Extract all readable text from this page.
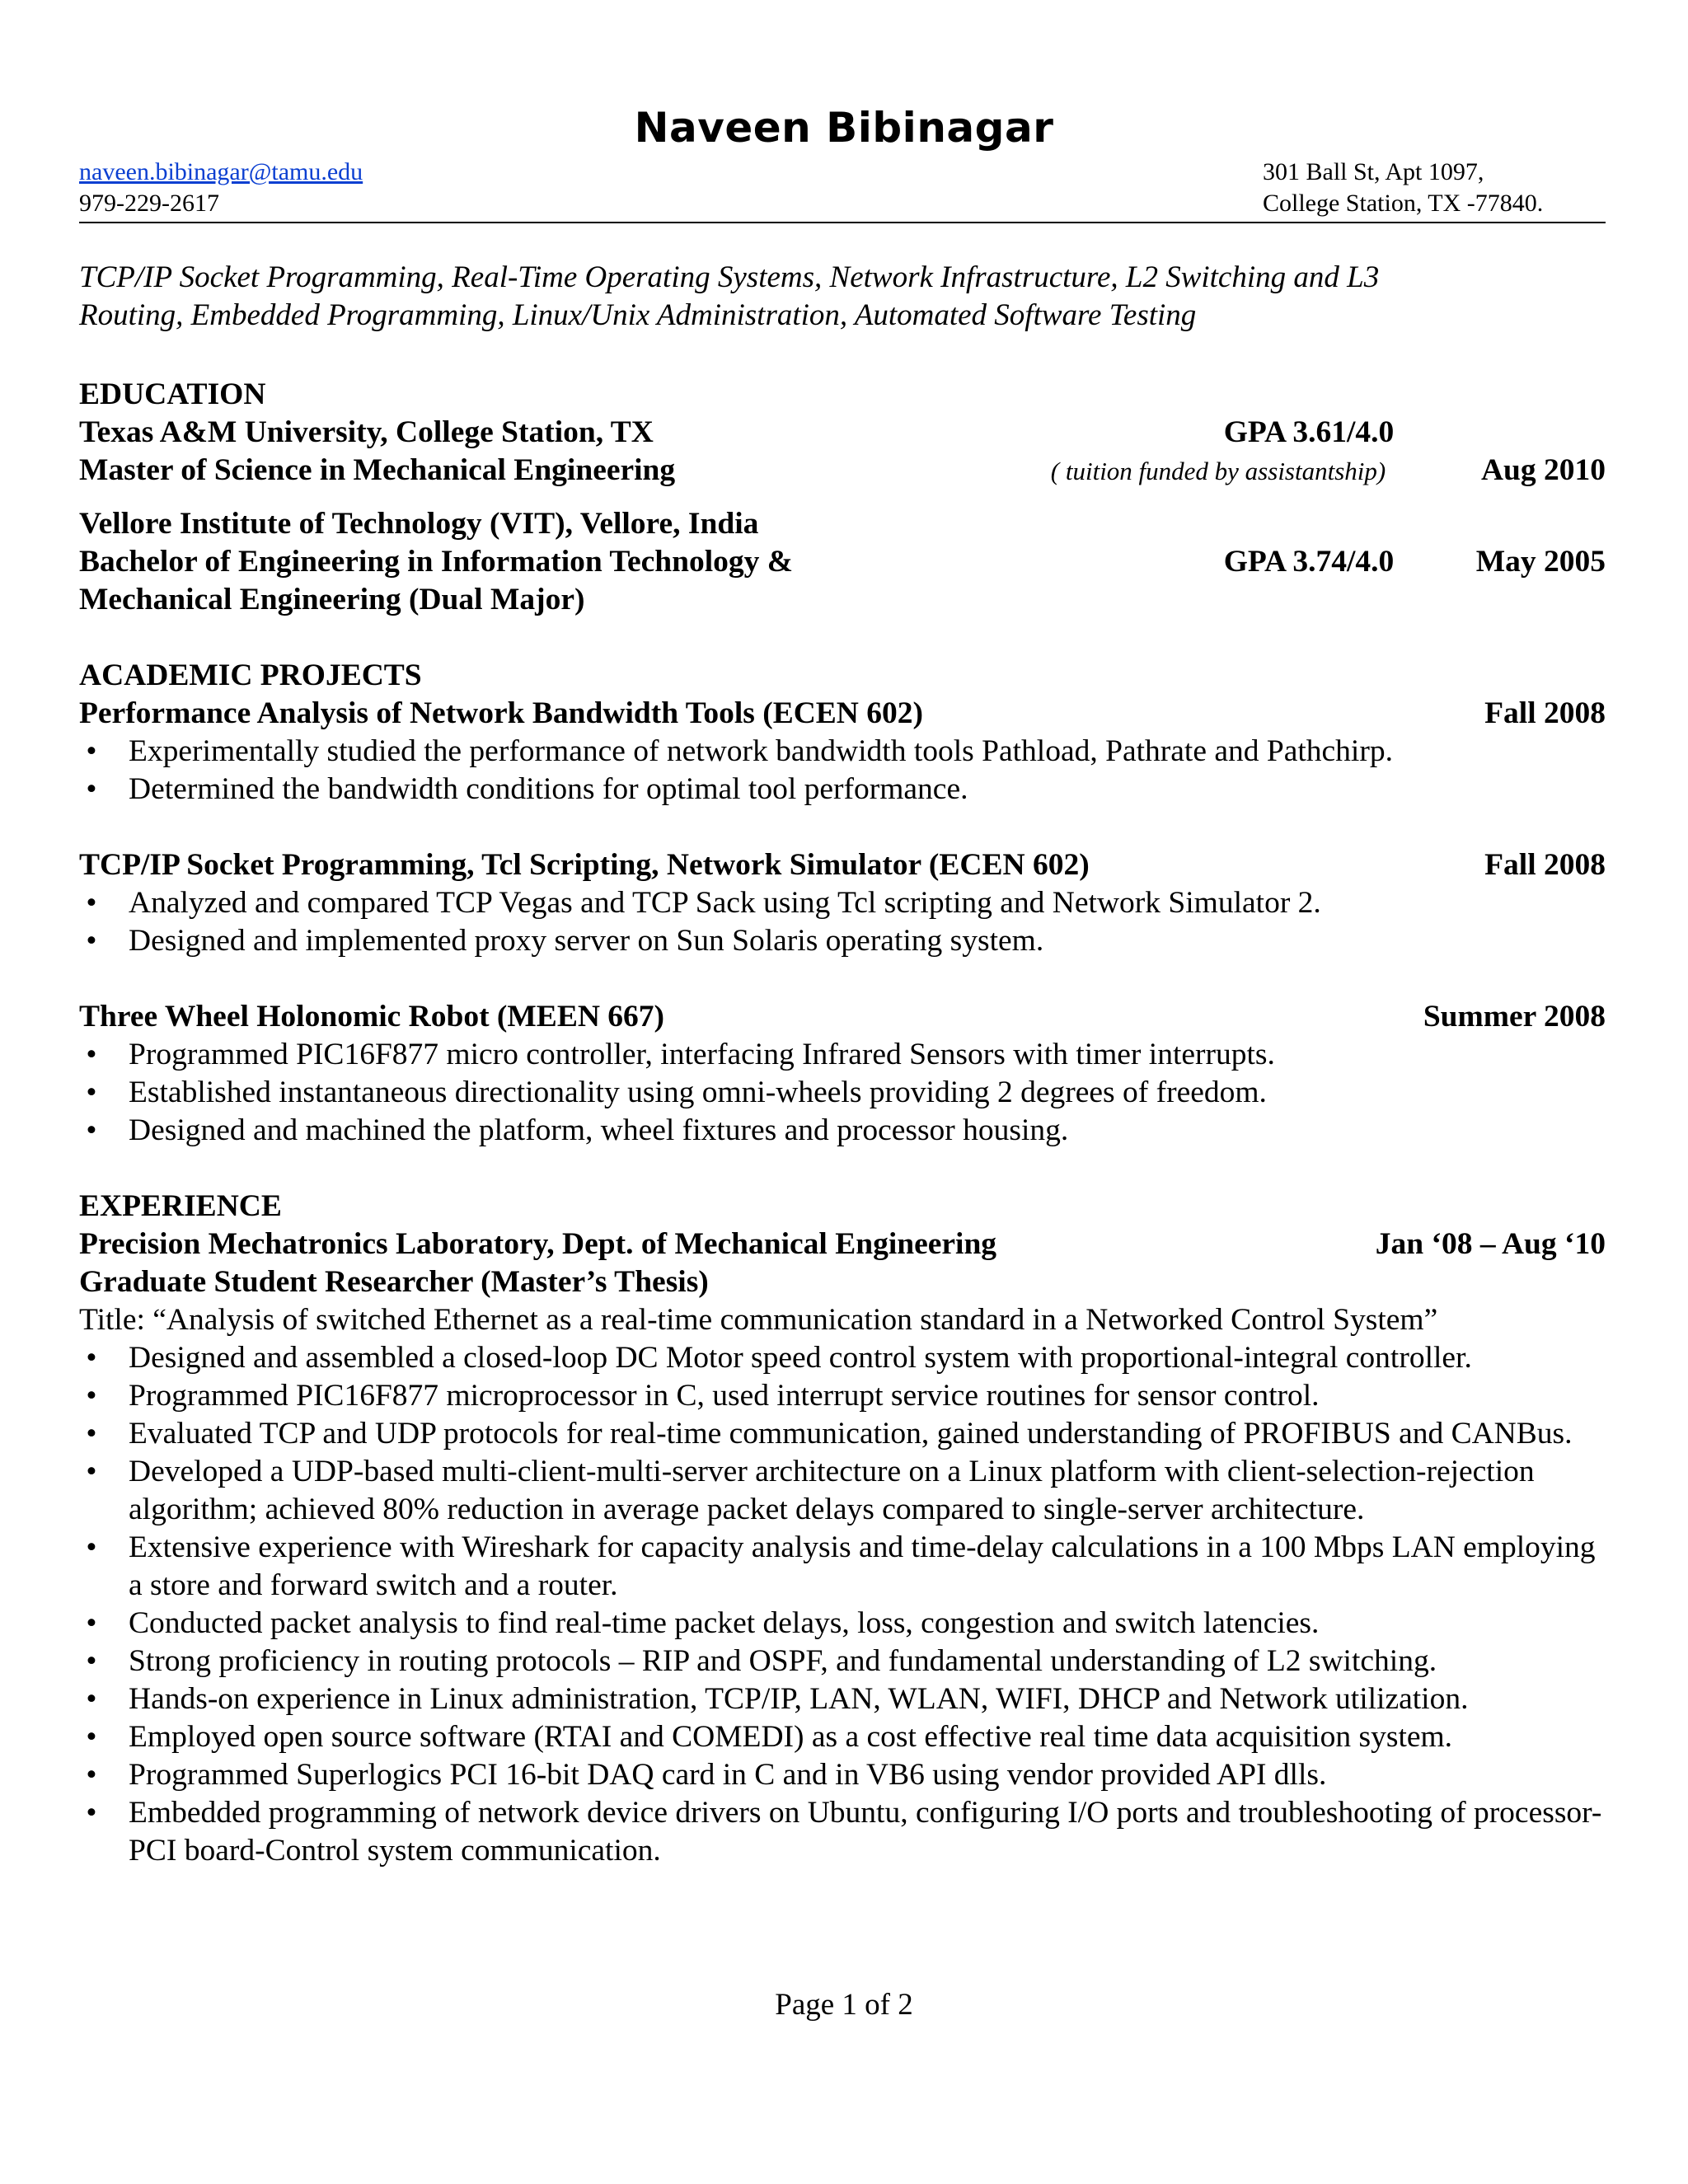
Naveen Bibinagar
naveen.bibinagar@tamu.edu
979-229-2617
301 Ball St, Apt 1097,
College Station, TX -77840.
TCP/IP Socket Programming, Real-Time Operating Systems, Network Infrastructure, L2 Switching and L3
Routing, Embedded Programming, Linux/Unix Administration, Automated Software Testing
EDUCATION
Texas A&M University, College Station, TX	GPA 3.61/4.0
Master of Science in Mechanical Engineering	( tuition funded by assistantship)	Aug 2010
Vellore Institute of Technology (VIT), Vellore, India
Bachelor of Engineering in Information Technology &	GPA 3.74/4.0	May 2005
Mechanical Engineering (Dual Major)
ACADEMIC PROJECTS
Performance Analysis of Network Bandwidth Tools (ECEN 602)	Fall 2008
• Experimentally studied the performance of network bandwidth tools Pathload, Pathrate and Pathchirp.
• Determined the bandwidth conditions for optimal tool performance.
TCP/IP Socket Programming, Tcl Scripting, Network Simulator (ECEN 602)	Fall 2008
• Analyzed and compared TCP Vegas and TCP Sack using Tcl scripting and Network Simulator 2.
• Designed and implemented proxy server on Sun Solaris operating system.
Three Wheel Holonomic Robot (MEEN 667)	Summer 2008
• Programmed PIC16F877 micro controller, interfacing Infrared Sensors with timer interrupts.
• Established instantaneous directionality using omni-wheels providing 2 degrees of freedom.
• Designed and machined the platform, wheel fixtures and processor housing.
EXPERIENCE
Precision Mechatronics Laboratory, Dept. of Mechanical Engineering	Jan ‘08 – Aug ‘10
Graduate Student Researcher (Master’s Thesis)
Title: “Analysis of switched Ethernet as a real-time communication standard in a Networked Control System”
• Designed and assembled a closed-loop DC Motor speed control system with proportional-integral controller.
• Programmed PIC16F877 microprocessor in C, used interrupt service routines for sensor control.
• Evaluated TCP and UDP protocols for real-time communication, gained understanding of PROFIBUS and CANBus.
• Developed a UDP-based multi-client-multi-server architecture on a Linux platform with client-selection-rejection algorithm; achieved 80% reduction in average packet delays compared to single-server architecture.
• Extensive experience with Wireshark for capacity analysis and time-delay calculations in a 100 Mbps LAN employing a store and forward switch and a router.
• Conducted packet analysis to find real-time packet delays, loss, congestion and switch latencies.
• Strong proficiency in routing protocols – RIP and OSPF, and fundamental understanding of L2 switching.
• Hands-on experience in Linux administration, TCP/IP, LAN, WLAN, WIFI, DHCP and Network utilization.
• Employed open source software (RTAI and COMEDI) as a cost effective real time data acquisition system.
• Programmed Superlogics PCI 16-bit DAQ card in C and in VB6 using vendor provided API dlls.
• Embedded programming of network device drivers on Ubuntu, configuring I/O ports and troubleshooting of processor-PCI board-Control system communication.
Page 1 of 2
